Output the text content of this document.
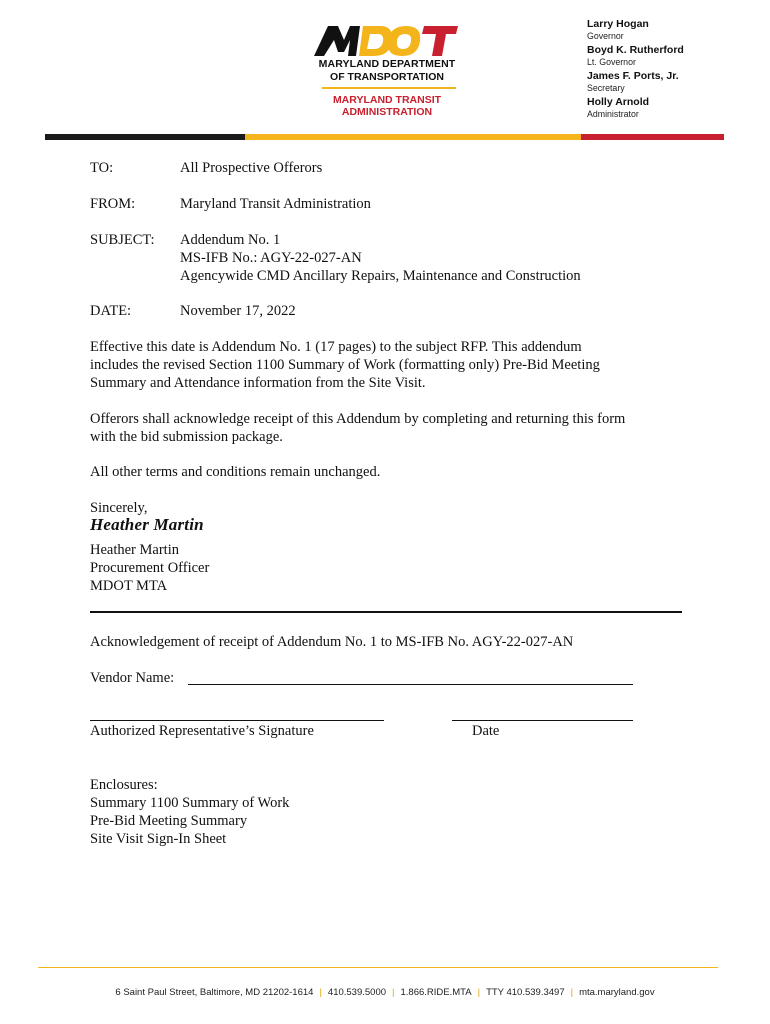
MARYLAND DEPARTMENT
OF TRANSPORTATION
MARYLAND TRANSIT
ADMINISTRATION
Larry Hogan
Governor
Boyd K. Rutherford
Lt. Governor
James F. Ports, Jr.
Secretary
Holly Arnold
Administrator
TO:	All Prospective Offerors
FROM:	Maryland Transit Administration
SUBJECT: Addendum No. 1
MS-IFB No.: AGY-22-027-AN
Agencywide CMD Ancillary Repairs, Maintenance and Construction
DATE:	November 17, 2022
Effective this date is Addendum No. 1 (17 pages) to the subject RFP. This addendum
includes the revised Section 1100 Summary of Work (formatting only) Pre-Bid Meeting
Summary and Attendance information from the Site Visit.
Offerors shall acknowledge receipt of this Addendum by completing and returning this form
with the bid submission package.
All other terms and conditions remain unchanged.
Sincerely,
Heather Martin
Heather Martin
Procurement Officer
MDOT MTA
Acknowledgement of receipt of Addendum No. 1 to MS-IFB No. AGY-22-027-AN
Vendor Name:
Authorized Representative’s Signature	Date
Enclosures:
Summary 1100 Summary of Work
Pre-Bid Meeting Summary
Site Visit Sign-In Sheet
6 Saint Paul Street, Baltimore, MD 21202-1614 | 410.539.5000 | 1.866.RIDE.MTA | TTY 410.539.3497 | mta.maryland.gov
